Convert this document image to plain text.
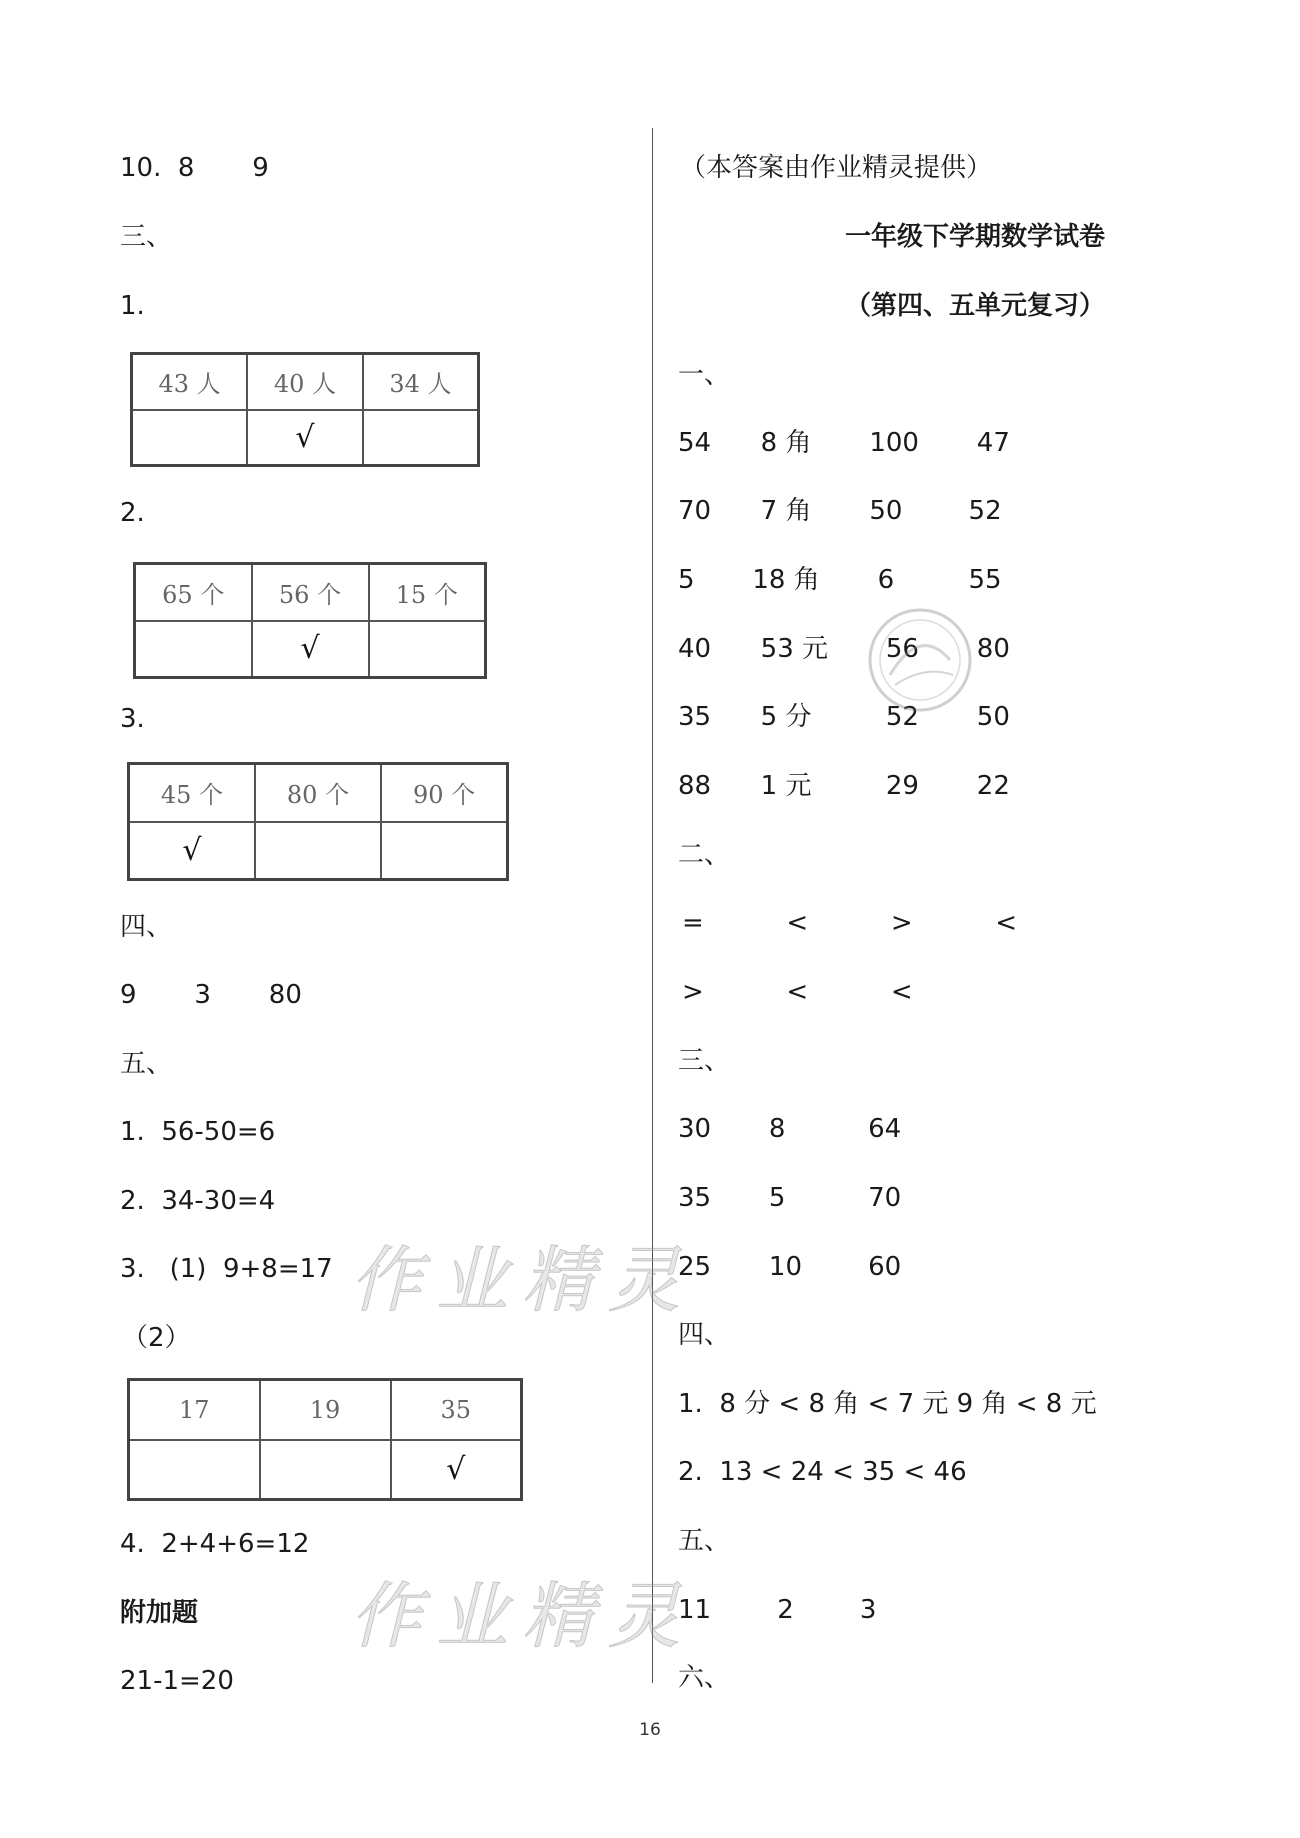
10.  8       9
三、
1.
43 人	40 人	34 人
	√	
2.
65 个	56 个	15 个
	√	
3.
45 个	80 个	90 个
√		
四、
9       3       80
五、
1.  56-50=6
2.  34-30=4
3.   (1)  9+8=17
（2）
17	19	35
		√
4.  2+4+6=12
附加题
21-1=20
（本答案由作业精灵提供）
一年级下学期数学试卷
（第四、五单元复习）
一、
54      8 角       100       47
70      7 角       50        52
5       18 角       6         55
40      53 元       56       80
35      5 分         52       50
88      1 元         29       22
二、
=          <          >          <
>          <          <
三、
30       8          64
35       5          70
25       10        60
四、
1.  8 分 < 8 角 < 7 元 9 角 < 8 元
2.  13 < 24 < 35 < 46
五、
11        2        3
六、
作业精灵
作业精灵
16
